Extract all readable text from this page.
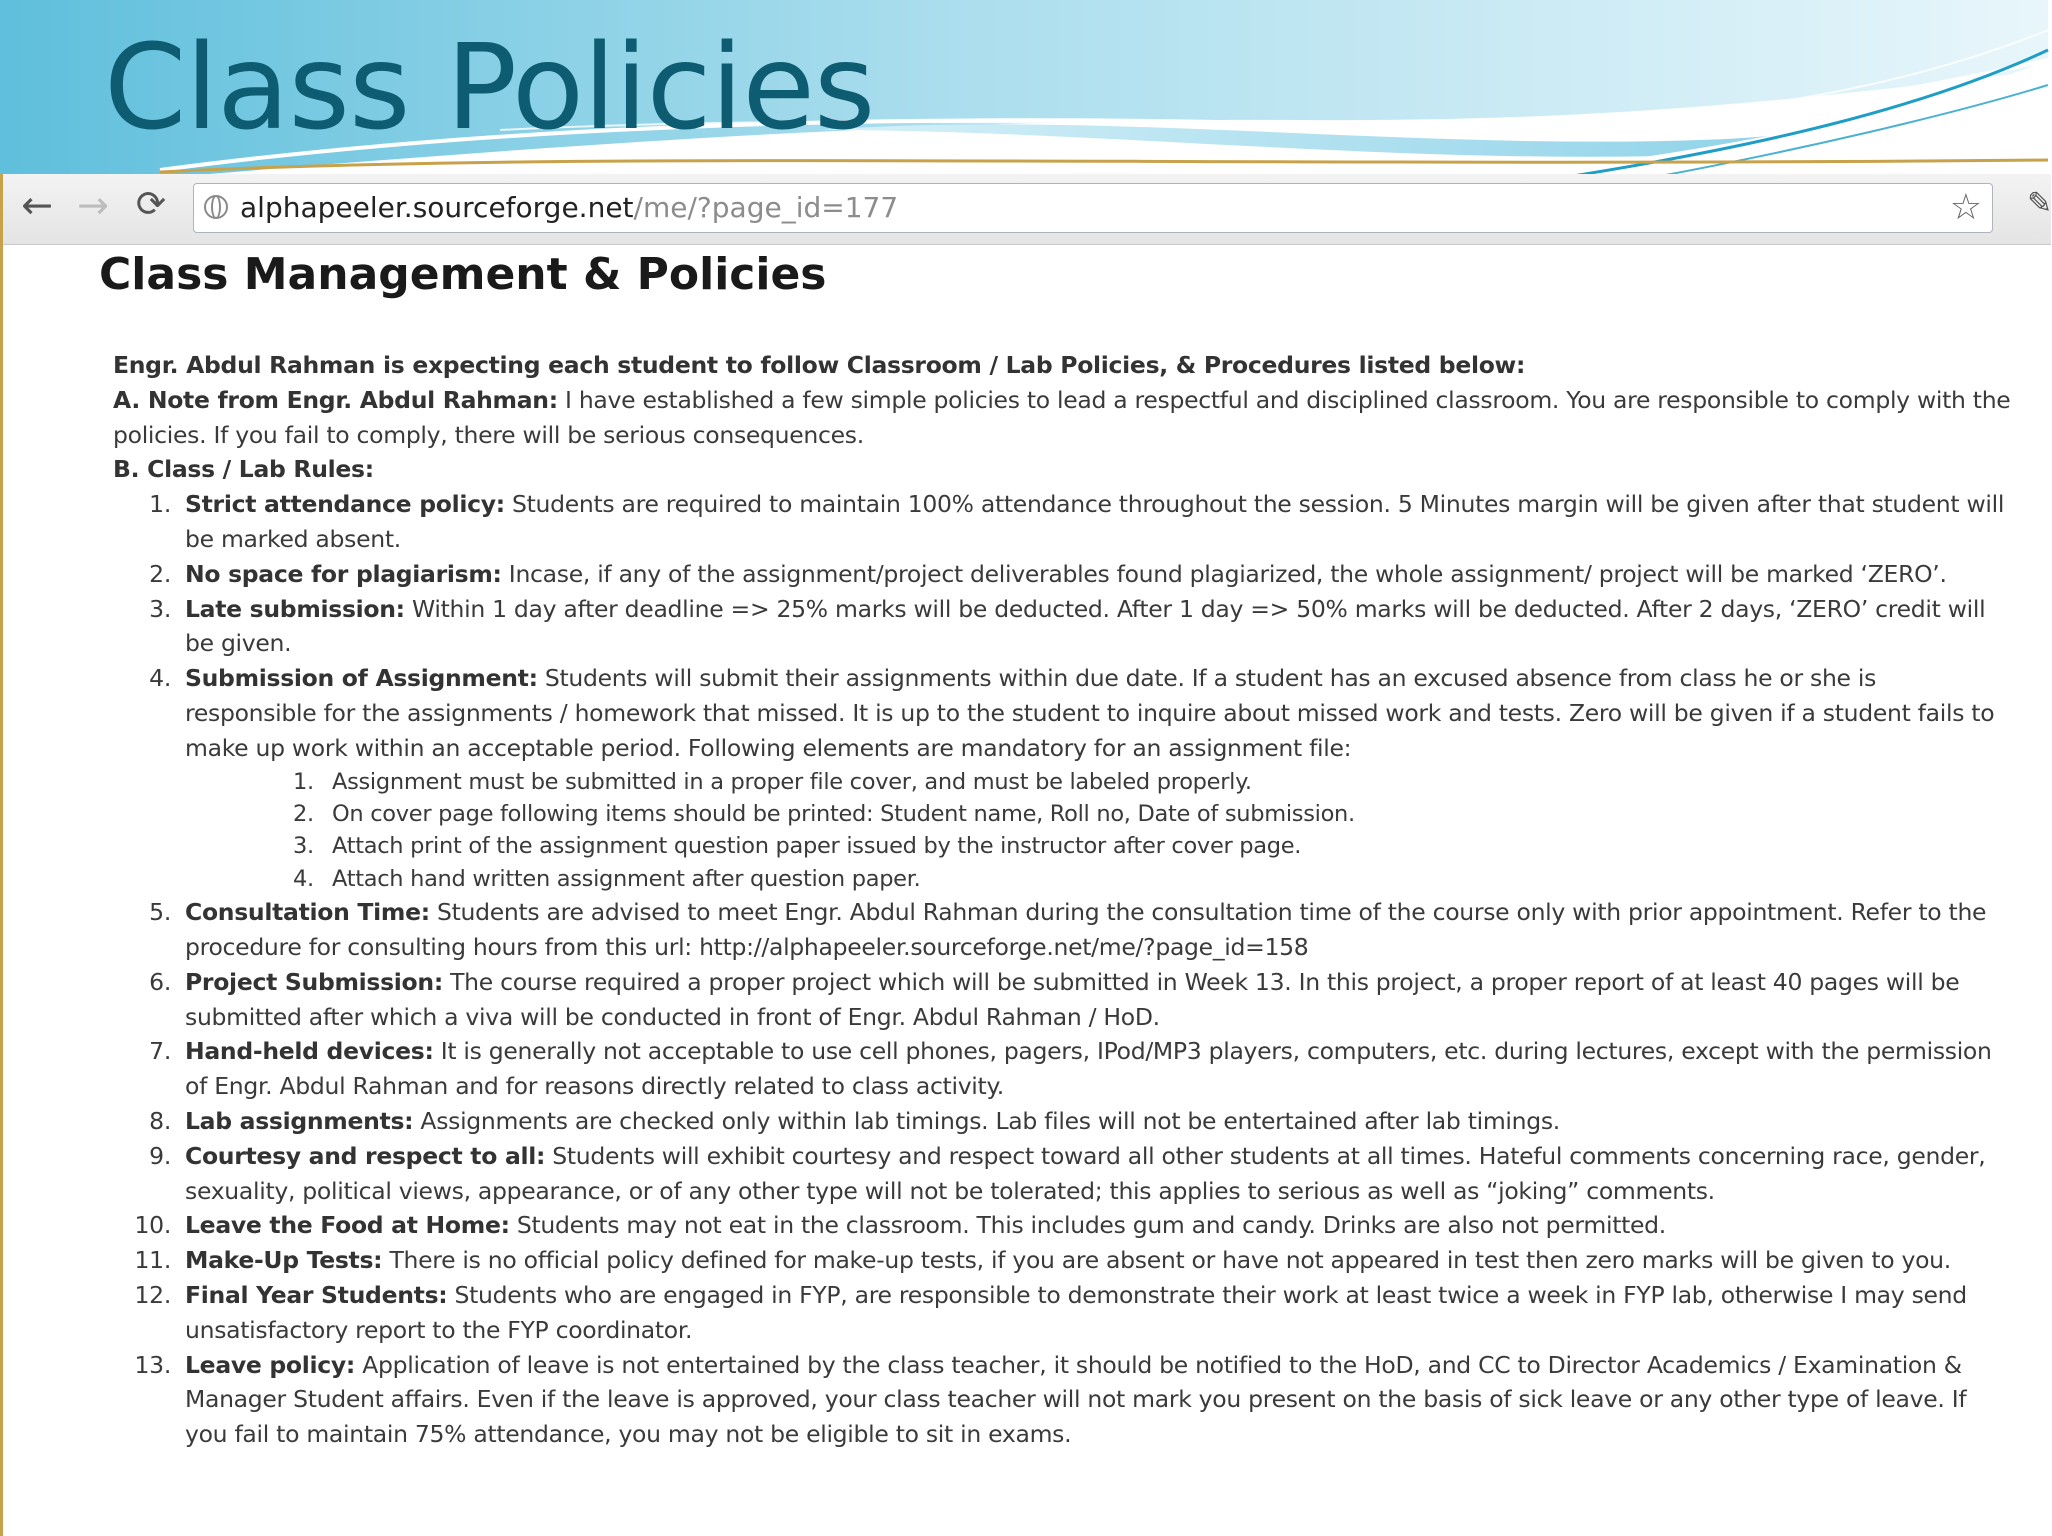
Class Policies
← → ⟳	alphapeeler.sourceforge.net/me/?page_id=177	☆ ✎
Class Management & Policies

Engr. Abdul Rahman is expecting each student to follow Classroom / Lab Policies, & Procedures listed below:

A. Note from Engr. Abdul Rahman: I have established a few simple policies to lead a respectful and disciplined classroom. You are responsible to comply with the policies. If you fail to comply, there will be serious consequences.

B. Class / Lab Rules:

1. Strict attendance policy: Students are required to maintain 100% attendance throughout the session. 5 Minutes margin will be given after that student will be marked absent.
2. No space for plagiarism: Incase, if any of the assignment/project deliverables found plagiarized, the whole assignment/ project will be marked ‘ZERO’.
3. Late submission: Within 1 day after deadline => 25% marks will be deducted. After 1 day => 50% marks will be deducted. After 2 days, ‘ZERO’ credit will be given.
4. Submission of Assignment: Students will submit their assignments within due date. If a student has an excused absence from class he or she is responsible for the assignments / homework that missed. It is up to the student to inquire about missed work and tests. Zero will be given if a student fails to make up work within an acceptable period. Following elements are mandatory for an assignment file:
1. Assignment must be submitted in a proper file cover, and must be labeled properly.
2. On cover page following items should be printed: Student name, Roll no, Date of submission.
3. Attach print of the assignment question paper issued by the instructor after cover page.
4. Attach hand written assignment after question paper.
5. Consultation Time: Students are advised to meet Engr. Abdul Rahman during the consultation time of the course only with prior appointment. Refer to the procedure for consulting hours from this url: http://alphapeeler.sourceforge.net/me/?page_id=158
6. Project Submission: The course required a proper project which will be submitted in Week 13. In this project, a proper report of at least 40 pages will be submitted after which a viva will be conducted in front of Engr. Abdul Rahman / HoD.
7. Hand-held devices: It is generally not acceptable to use cell phones, pagers, IPod/MP3 players, computers, etc. during lectures, except with the permission of Engr. Abdul Rahman and for reasons directly related to class activity.
8. Lab assignments: Assignments are checked only within lab timings. Lab files will not be entertained after lab timings.
9. Courtesy and respect to all: Students will exhibit courtesy and respect toward all other students at all times. Hateful comments concerning race, gender, sexuality, political views, appearance, or of any other type will not be tolerated; this applies to serious as well as “joking” comments.
10. Leave the Food at Home: Students may not eat in the classroom. This includes gum and candy. Drinks are also not permitted.
11. Make-Up Tests: There is no official policy defined for make-up tests, if you are absent or have not appeared in test then zero marks will be given to you.
12. Final Year Students: Students who are engaged in FYP, are responsible to demonstrate their work at least twice a week in FYP lab, otherwise I may send unsatisfactory report to the FYP coordinator.
13. Leave policy: Application of leave is not entertained by the class teacher, it should be notified to the HoD, and CC to Director Academics / Examination & Manager Student affairs. Even if the leave is approved, your class teacher will not mark you present on the basis of sick leave or any other type of leave. If you fail to maintain 75% attendance, you may not be eligible to sit in exams.
